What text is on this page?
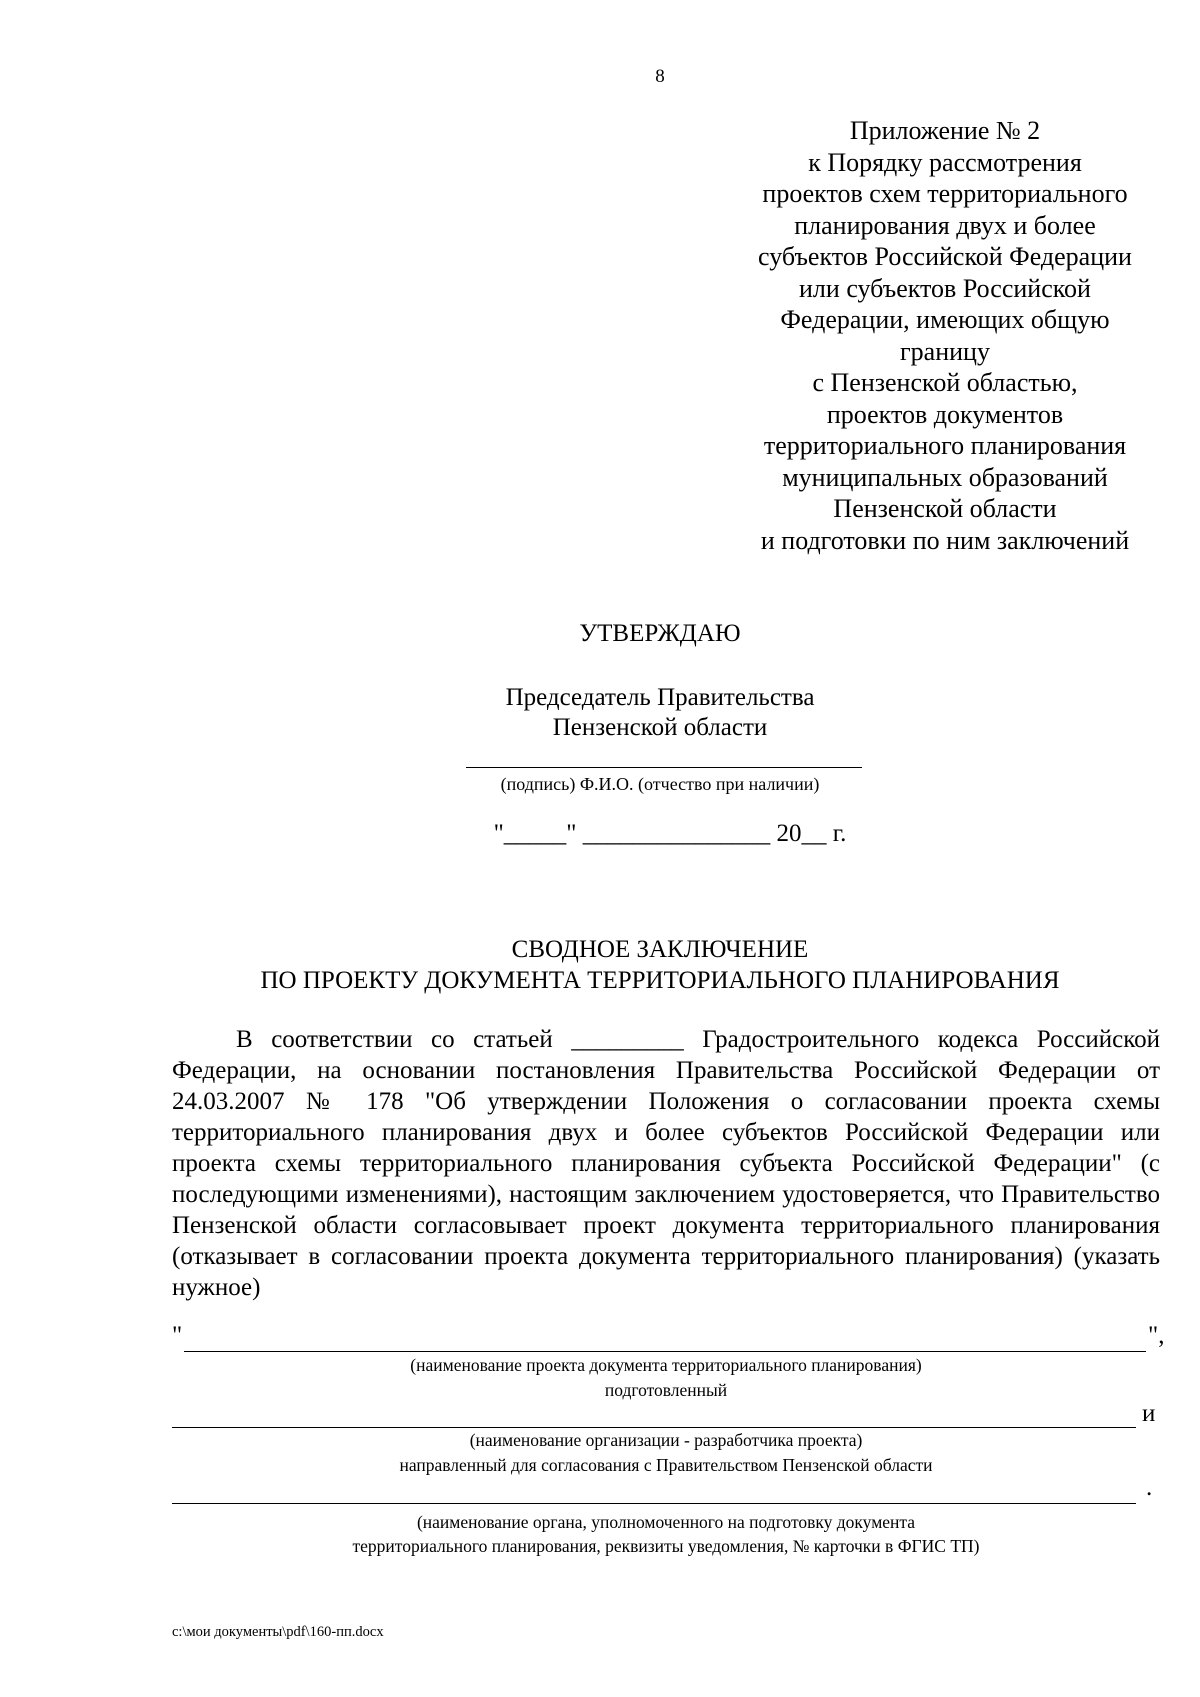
8
Приложение № 2
к Порядку рассмотрения
проектов схем территориального
планирования двух и более
субъектов Российской Федерации
или субъектов Российской
Федерации, имеющих общую
границу
с Пензенской областью,
проектов документов
территориального планирования
муниципальных образований
Пензенской области
и подготовки по ним заключений
УТВЕРЖДАЮ
Председатель Правительства
Пензенской области
(подпись) Ф.И.О. (отчество при наличии)
"_____" _______________ 20__ г.
СВОДНОЕ ЗАКЛЮЧЕНИЕ
ПО ПРОЕКТУ ДОКУМЕНТА ТЕРРИТОРИАЛЬНОГО ПЛАНИРОВАНИЯ

В соответствии со статьей _________ Градостроительного кодекса Российской Федерации, на основании постановления Правительства Российской Федерации от 24.03.2007 № 178 "Об утверждении Положения о согласовании проекта схемы территориального планирования двух и более субъектов Российской Федерации или проекта схемы территориального планирования субъекта Российской Федерации" (с последующими изменениями), настоящим заключением удостоверяется, что Правительство Пензенской области согласовывает проект документа территориального планирования (отказывает в согласовании проекта документа территориального планирования) (указать нужное)

"	",
(наименование проекта документа территориального планирования)
подготовленный
и
(наименование организации - разработчика проекта)
направленный для согласования с Правительством Пензенской области
.
(наименование органа, уполномоченного на подготовку документа
территориального планирования, реквизиты уведомления, № карточки в ФГИС ТП)
c:\мои документы\pdf\160-пп.docx
